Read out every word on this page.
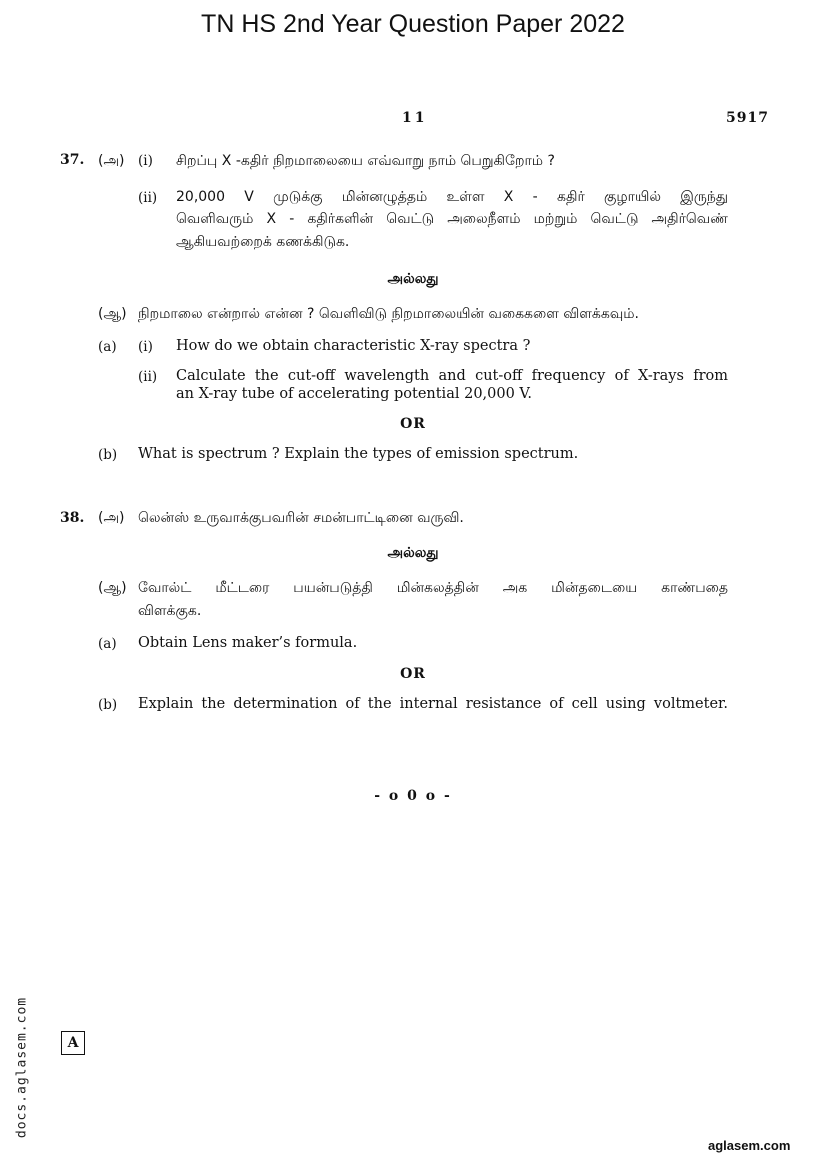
TN HS 2nd Year Question Paper 2022
11	5917
37. (அ) (i) சிறப்பு X -கதிர் நிறமாலையை எவ்வாறு நாம் பெறுகிறோம் ?
(ii) 20,000 V முடுக்கு மின்னழுத்தம் உள்ள X - கதிர் குழாயில் இருந்து
வெளிவரும் X - கதிர்களின் வெட்டு அலைநீளம் மற்றும் வெட்டு அதிர்வெண்
ஆகியவற்றைக் கணக்கிடுக.
அல்லது
(ஆ) நிறமாலை என்றால் என்ன ? வெளிவிடு நிறமாலையின் வகைகளை விளக்கவும்.
(a) (i) How do we obtain characteristic X-ray spectra ?
(ii) Calculate the cut-off wavelength and cut-off frequency of X-rays from
an X-ray tube of accelerating potential 20,000 V.
OR
(b) What is spectrum ? Explain the types of emission spectrum.
38. (அ) லென்ஸ் உருவாக்குபவரின் சமன்பாட்டினை வருவி.
அல்லது
(ஆ) வோல்ட் மீட்டரை பயன்படுத்தி மின்கலத்தின் அக மின்தடையை காண்பதை
விளக்குக.
(a) Obtain Lens maker’s formula.
OR
(b) Explain the determination of the internal resistance of cell using voltmeter.
- o 0 o -
docs.aglasem.com	A
aglasem.com
